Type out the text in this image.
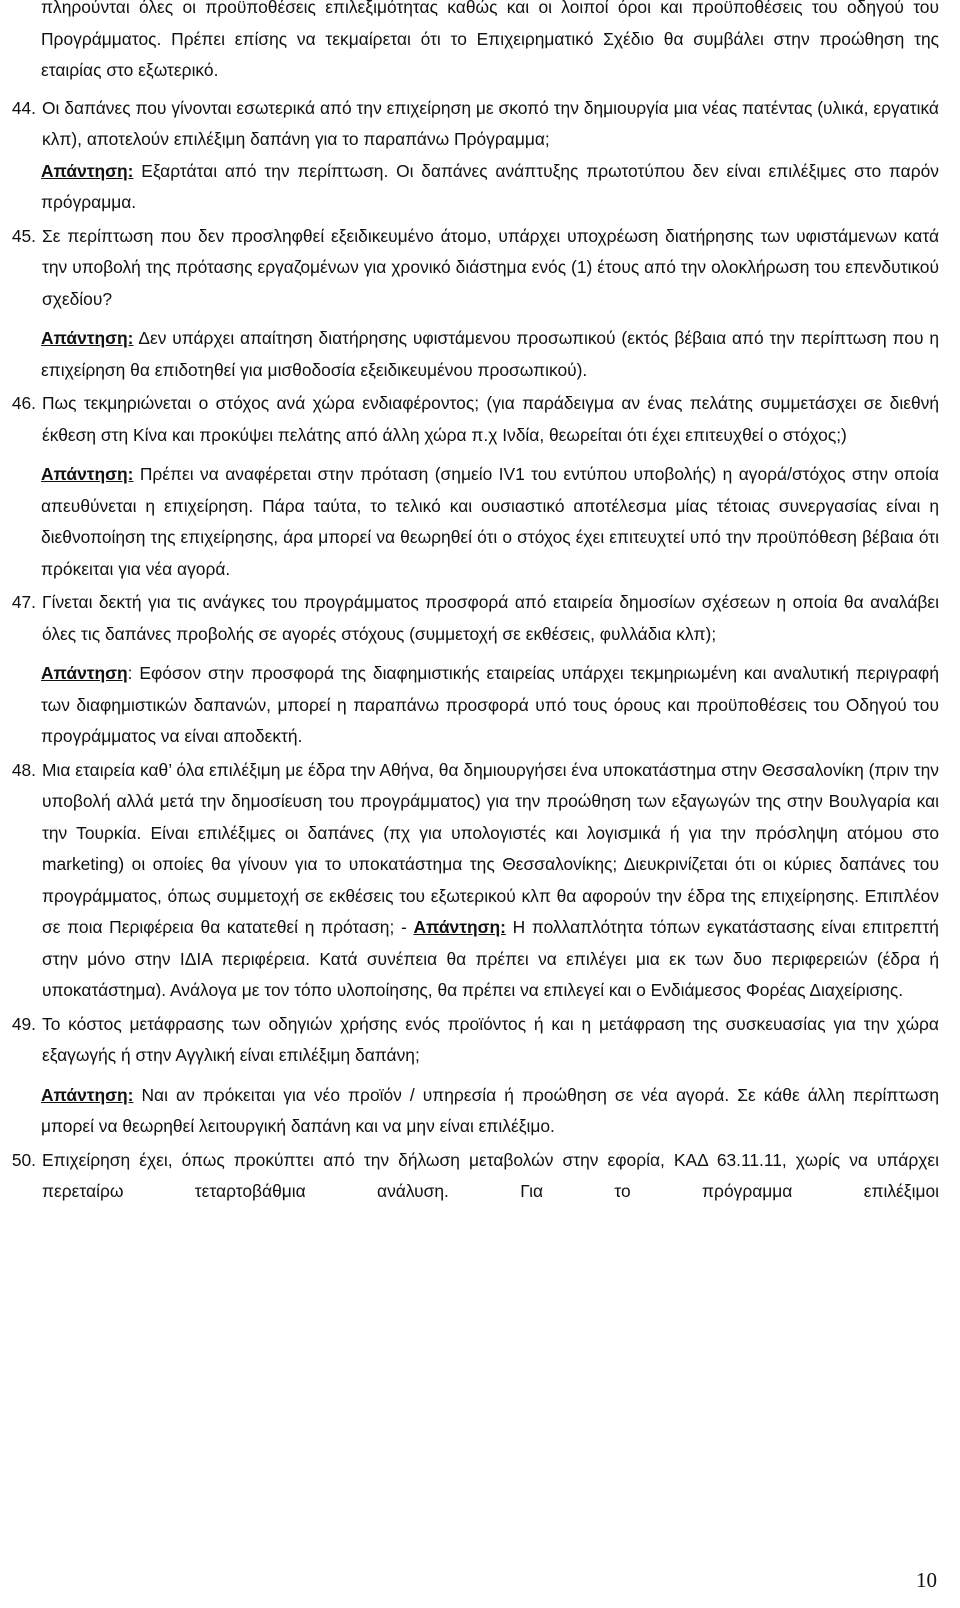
πληρούνται όλες οι προϋποθέσεις επιλεξιμότητας καθώς και οι λοιποί όροι και προϋποθέσεις του οδηγού του Προγράμματος. Πρέπει επίσης να τεκμαίρεται ότι το Επιχειρηματικό Σχέδιο θα συμβάλει στην προώθηση της εταιρίας στο εξωτερικό.

44. Οι δαπάνες που γίνονται εσωτερικά από την επιχείρηση με σκοπό την δημιουργία μια νέας πατέντας (υλικά, εργατικά κλπ), αποτελούν επιλέξιμη δαπάνη για το παραπάνω Πρόγραμμα;
Απάντηση: Εξαρτάται από την περίπτωση. Οι δαπάνες ανάπτυξης πρωτοτύπου δεν είναι επιλέξιμες στο παρόν πρόγραμμα.
45. Σε περίπτωση που δεν προσληφθεί εξειδικευμένο άτομο, υπάρχει υποχρέωση διατήρησης των υφιστάμενων κατά την υποβολή της πρότασης εργαζομένων για χρονικό διάστημα ενός (1) έτους από την ολοκλήρωση του επενδυτικού σχεδίου?
Απάντηση: Δεν υπάρχει απαίτηση διατήρησης υφιστάμενου προσωπικού (εκτός βέβαια από την περίπτωση που η επιχείρηση θα επιδοτηθεί για μισθοδοσία εξειδικευμένου προσωπικού).
46. Πως τεκμηριώνεται ο στόχος ανά χώρα ενδιαφέροντος; (για παράδειγμα αν ένας πελάτης συμμετάσχει σε διεθνή έκθεση στη Κίνα και προκύψει πελάτης από άλλη χώρα π.χ Ινδία, θεωρείται ότι έχει επιτευχθεί ο στόχος;)
Απάντηση: Πρέπει να αναφέρεται στην πρόταση (σημείο IV1 του εντύπου υποβολής) η αγορά/στόχος στην οποία απευθύνεται η επιχείρηση. Πάρα ταύτα, το τελικό και ουσιαστικό αποτέλεσμα μίας τέτοιας συνεργασίας είναι η διεθνοποίηση της επιχείρησης, άρα μπορεί να θεωρηθεί ότι ο στόχος έχει επιτευχτεί υπό την προϋπόθεση βέβαια ότι πρόκειται για νέα αγορά.
47. Γίνεται δεκτή για τις ανάγκες του προγράμματος προσφορά από εταιρεία δημοσίων σχέσεων η οποία θα αναλάβει όλες τις δαπάνες προβολής σε αγορές στόχους (συμμετοχή σε εκθέσεις, φυλλάδια κλπ);
Απάντηση: Εφόσον στην προσφορά της διαφημιστικής εταιρείας υπάρχει τεκμηριωμένη και αναλυτική περιγραφή των διαφημιστικών δαπανών, μπορεί η παραπάνω προσφορά υπό τους όρους και προϋποθέσεις του Οδηγού του προγράμματος να είναι αποδεκτή.
48. Μια εταιρεία καθ’ όλα επιλέξιμη με έδρα την Αθήνα, θα δημιουργήσει ένα υποκατάστημα στην Θεσσαλονίκη (πριν την υποβολή αλλά μετά την δημοσίευση του προγράμματος) για την προώθηση των εξαγωγών της στην Βουλγαρία και την Τουρκία. Είναι επιλέξιμες οι δαπάνες (πχ για υπολογιστές και λογισμικά ή για την πρόσληψη ατόμου στο marketing) οι οποίες θα γίνουν για το υποκατάστημα της Θεσσαλονίκης; Διευκρινίζεται ότι οι κύριες δαπάνες του προγράμματος, όπως συμμετοχή σε εκθέσεις του εξωτερικού κλπ θα αφορούν την έδρα της επιχείρησης. Επιπλέον σε ποια Περιφέρεια θα κατατεθεί η πρόταση; - Απάντηση: Η πολλαπλότητα τόπων εγκατάστασης είναι επιτρεπτή στην μόνο στην ΙΔΙΑ περιφέρεια. Κατά συνέπεια θα πρέπει να επιλέγει μια εκ των δυο περιφερειών (έδρα ή υποκατάστημα). Ανάλογα με τον τόπο υλοποίησης, θα πρέπει να επιλεγεί και ο Ενδιάμεσος Φορέας Διαχείρισης.
49. Το κόστος μετάφρασης των οδηγιών χρήσης ενός προϊόντος ή και η μετάφραση της συσκευασίας για την χώρα εξαγωγής ή στην Αγγλική είναι επιλέξιμη δαπάνη;
Απάντηση: Ναι αν πρόκειται για νέο προϊόν / υπηρεσία ή προώθηση σε νέα αγορά. Σε κάθε άλλη περίπτωση μπορεί να θεωρηθεί λειτουργική δαπάνη και να μην είναι επιλέξιμο.
50. Επιχείρηση έχει, όπως προκύπτει από την δήλωση μεταβολών στην εφορία, ΚΑΔ 63.11.11, χωρίς να υπάρχει περεταίρω τεταρτοβάθμια ανάλυση. Για το πρόγραμμα επιλέξιμοι
10
